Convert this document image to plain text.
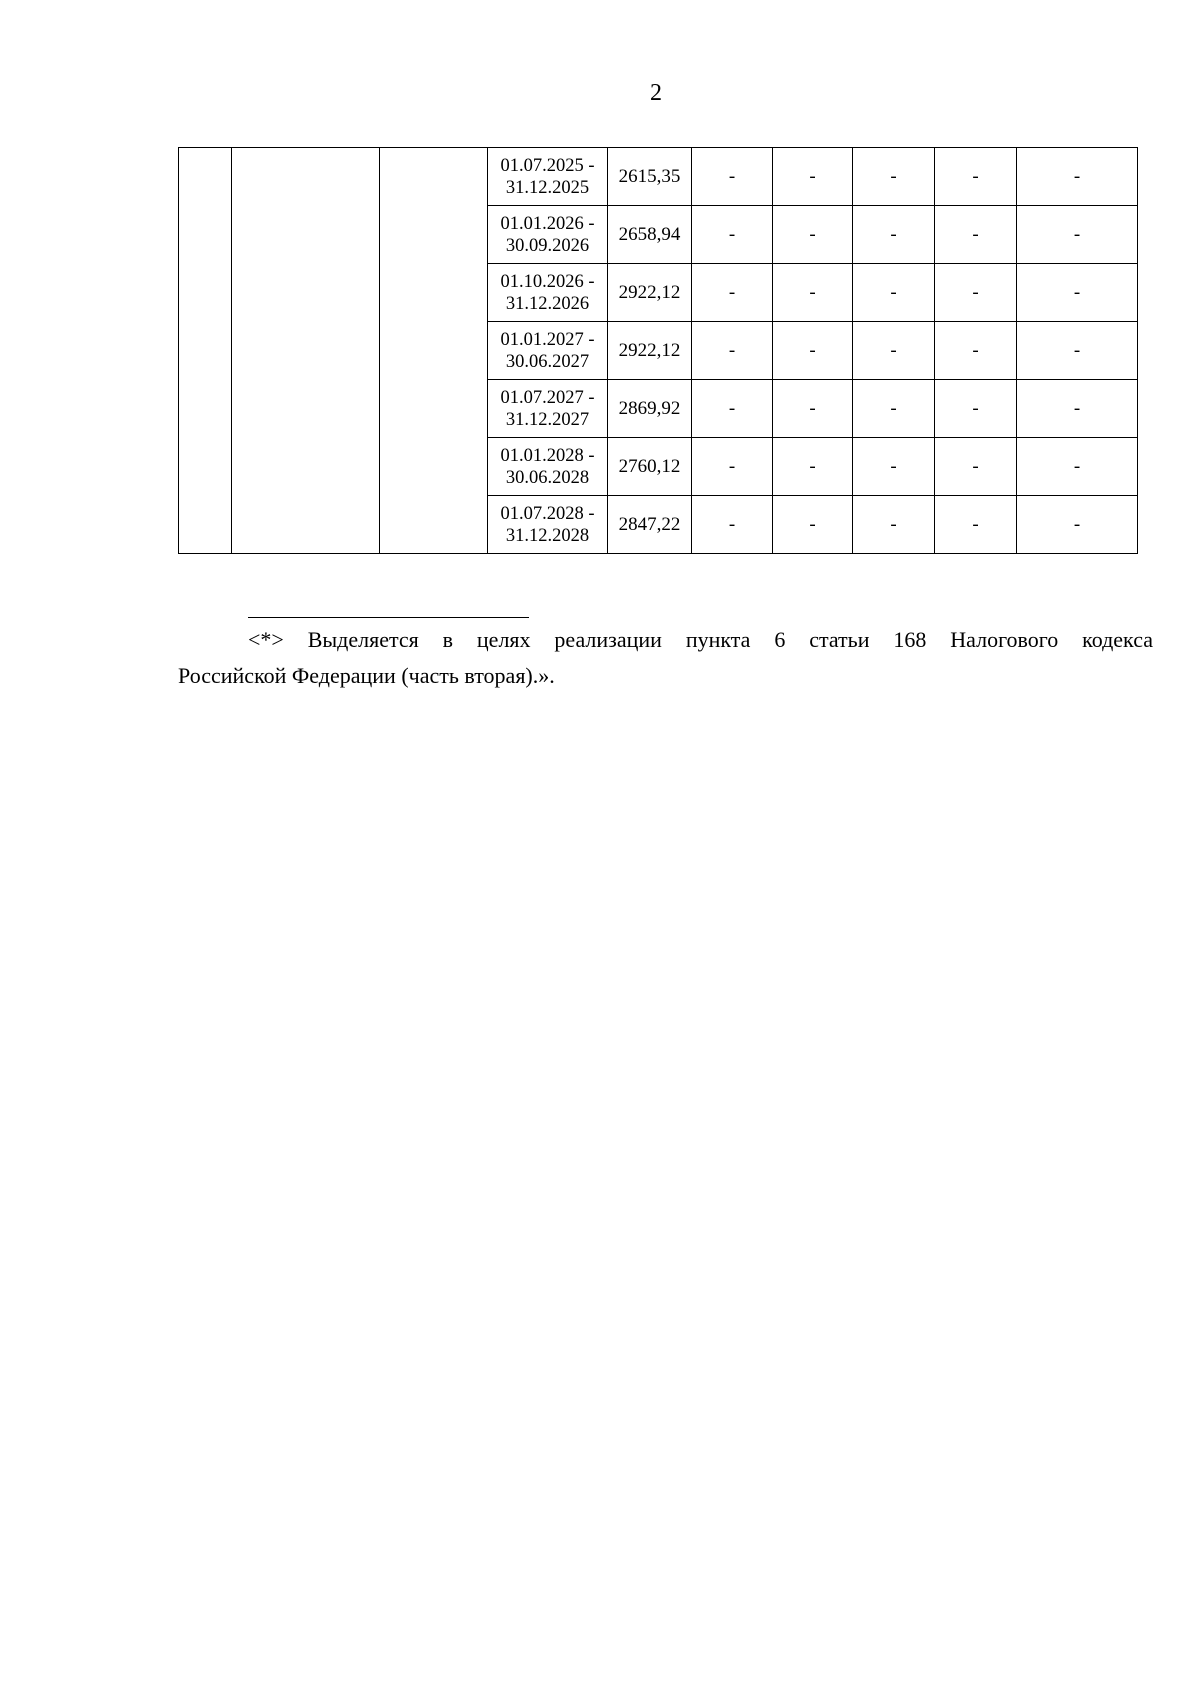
2

			01.07.2025 -
31.12.2025	2615,35	-	-	-	-	-

			01.01.2026 -
30.09.2026	2658,94	-	-	-	-	-

			01.10.2026 -
31.12.2026	2922,12	-	-	-	-	-

			01.01.2027 -
30.06.2027	2922,12	-	-	-	-	-

			01.07.2027 -
31.12.2027	2869,92	-	-	-	-	-

			01.01.2028 -
30.06.2028	2760,12	-	-	-	-	-

			01.07.2028 -
31.12.2028	2847,22	-	-	-	-	-
<*> Выделяется в целях реализации пункта 6 статьи 168 Налогового кодекса
Российской Федерации (часть вторая).».
